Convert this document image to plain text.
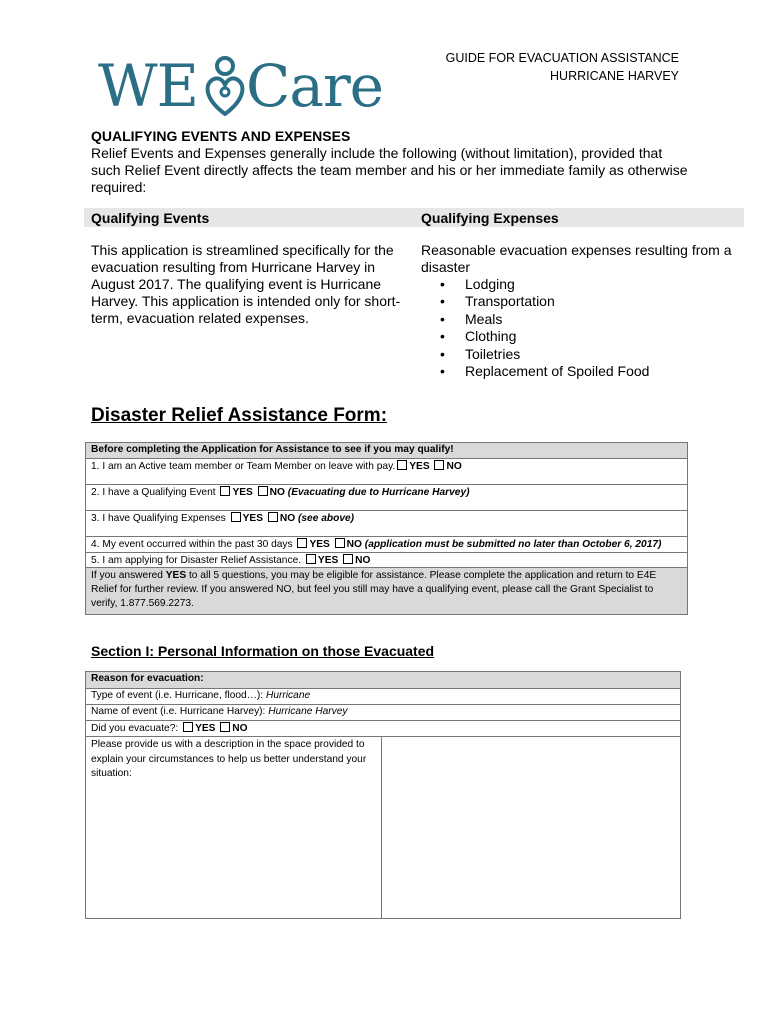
WE Care	GUIDE FOR EVACUATION ASSISTANCE
HURRICANE HARVEY
QUALIFYING EVENTS AND EXPENSES
Relief Events and Expenses generally include the following (without limitation), provided that such Relief Event directly affects the team member and his or her immediate family as otherwise required:
Qualifying Events	Qualifying Expenses
This application is streamlined specifically for the evacuation resulting from Hurricane Harvey in August 2017. The qualifying event is Hurricane Harvey. This application is intended only for short-term, evacuation related expenses.
Reasonable evacuation expenses resulting from a disaster
• Lodging
• Transportation
• Meals
• Clothing
• Toiletries
• Replacement of Spoiled Food
Disaster Relief Assistance Form:
Before completing the Application for Assistance to see if you may qualify!
1. I am an Active team member or Team Member on leave with pay. YES NO
2. I have a Qualifying Event YES NO (Evacuating due to Hurricane Harvey)
3. I have Qualifying Expenses YES NO (see above)
4. My event occurred within the past 30 days YES NO (application must be submitted no later than October 6, 2017)
5. I am applying for Disaster Relief Assistance. YES NO
If you answered YES to all 5 questions, you may be eligible for assistance. Please complete the application and return to E4E Relief for further review. If you answered NO, but feel you still may have a qualifying event, please call the Grant Specialist to verify, 1.877.569.2273.
Section I: Personal Information on those Evacuated
Reason for evacuation:
Type of event (i.e. Hurricane, flood…): Hurricane
Name of event (i.e. Hurricane Harvey): Hurricane Harvey
Did you evacuate?: YES NO
Please provide us with a description in the space provided to explain your circumstances to help us better understand your situation:
